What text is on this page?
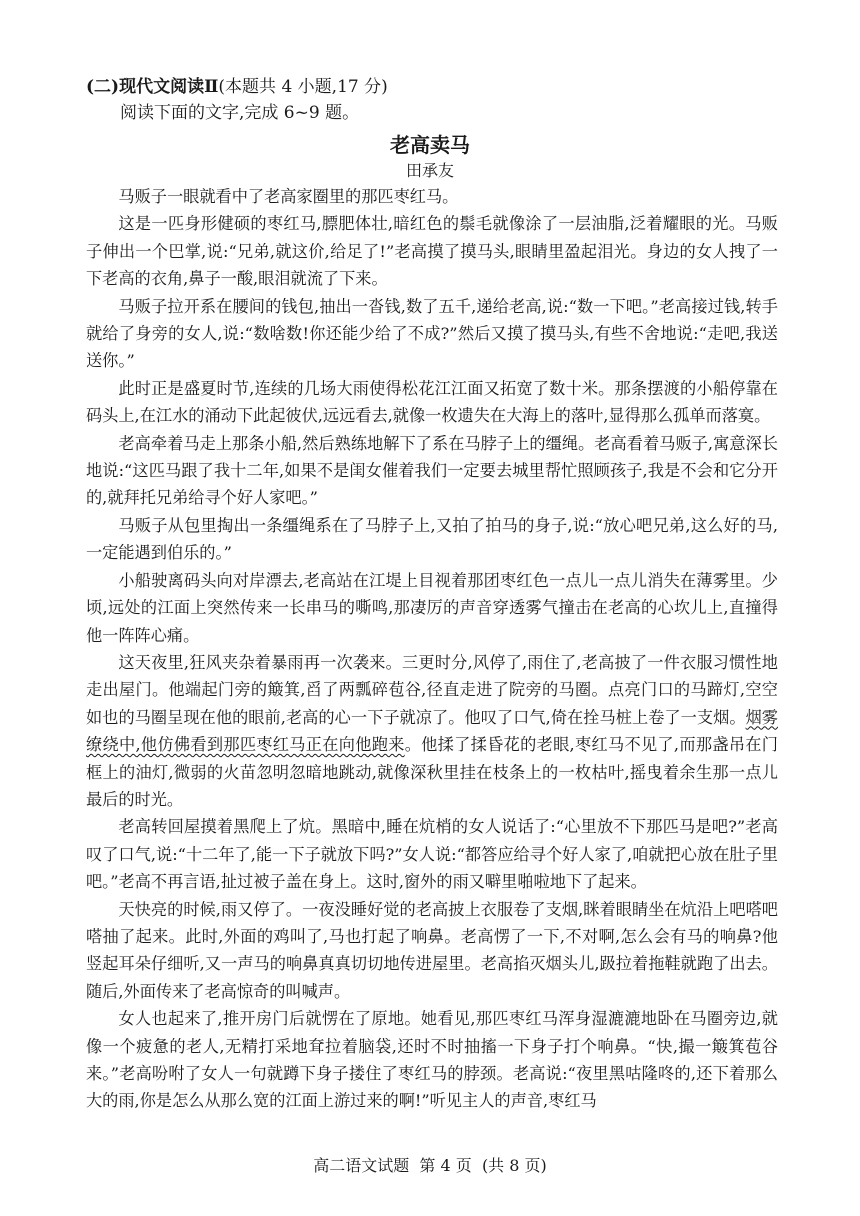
(二)现代文阅读Ⅱ(本题共 4 小题,17 分)
阅读下面的文字,完成 6~9 题。
老高卖马
田承友

马贩子一眼就看中了老高家圈里的那匹枣红马。

这是一匹身形健硕的枣红马,膘肥体壮,暗红色的鬃毛就像涂了一层油脂,泛着耀眼的光。马贩子伸出一个巴掌,说:“兄弟,就这价,给足了!”老高摸了摸马头,眼睛里盈起泪光。身边的女人拽了一下老高的衣角,鼻子一酸,眼泪就流了下来。

马贩子拉开系在腰间的钱包,抽出一沓钱,数了五千,递给老高,说:“数一下吧。”老高接过钱,转手就给了身旁的女人,说:“数啥数!你还能少给了不成?”然后又摸了摸马头,有些不舍地说:“走吧,我送送你。”

此时正是盛夏时节,连续的几场大雨使得松花江江面又拓宽了数十米。那条摆渡的小船停靠在码头上,在江水的涌动下此起彼伏,远远看去,就像一枚遗失在大海上的落叶,显得那么孤单而落寞。

老高牵着马走上那条小船,然后熟练地解下了系在马脖子上的缰绳。老高看着马贩子,寓意深长地说:“这匹马跟了我十二年,如果不是闺女催着我们一定要去城里帮忙照顾孩子,我是不会和它分开的,就拜托兄弟给寻个好人家吧。”

马贩子从包里掏出一条缰绳系在了马脖子上,又拍了拍马的身子,说:“放心吧兄弟,这么好的马,一定能遇到伯乐的。”

小船驶离码头向对岸漂去,老高站在江堤上目视着那团枣红色一点儿一点儿消失在薄雾里。少顷,远处的江面上突然传来一长串马的嘶鸣,那凄厉的声音穿透雾气撞击在老高的心坎儿上,直撞得他一阵阵心痛。

这天夜里,狂风夹杂着暴雨再一次袭来。三更时分,风停了,雨住了,老高披了一件衣服习惯性地走出屋门。他端起门旁的簸箕,舀了两瓢碎苞谷,径直走进了院旁的马圈。点亮门口的马蹄灯,空空如也的马圈呈现在他的眼前,老高的心一下子就凉了。他叹了口气,倚在拴马桩上卷了一支烟。烟雾缭绕中,他仿佛看到那匹枣红马正在向他跑来。他揉了揉昏花的老眼,枣红马不见了,而那盏吊在门框上的油灯,微弱的火苗忽明忽暗地跳动,就像深秋里挂在枝条上的一枚枯叶,摇曳着余生那一点儿最后的时光。

老高转回屋摸着黑爬上了炕。黑暗中,睡在炕梢的女人说话了:“心里放不下那匹马是吧?”老高叹了口气,说:“十二年了,能一下子就放下吗?”女人说:“都答应给寻个好人家了,咱就把心放在肚子里吧。”老高不再言语,扯过被子盖在身上。这时,窗外的雨又噼里啪啦地下了起来。

天快亮的时候,雨又停了。一夜没睡好觉的老高披上衣服卷了支烟,眯着眼睛坐在炕沿上吧嗒吧嗒抽了起来。此时,外面的鸡叫了,马也打起了响鼻。老高愣了一下,不对啊,怎么会有马的响鼻?他竖起耳朵仔细听,又一声马的响鼻真真切切地传进屋里。老高掐灭烟头儿,趿拉着拖鞋就跑了出去。随后,外面传来了老高惊奇的叫喊声。

女人也起来了,推开房门后就愣在了原地。她看见,那匹枣红马浑身湿漉漉地卧在马圈旁边,就像一个疲惫的老人,无精打采地耷拉着脑袋,还时不时抽搐一下身子打个响鼻。“快,撮一簸箕苞谷来。”老高吩咐了女人一句就蹲下身子搂住了枣红马的脖颈。老高说:“夜里黑咕隆咚的,还下着那么大的雨,你是怎么从那么宽的江面上游过来的啊!”听见主人的声音,枣红马

高二语文试题 第 4 页 (共 8 页)
